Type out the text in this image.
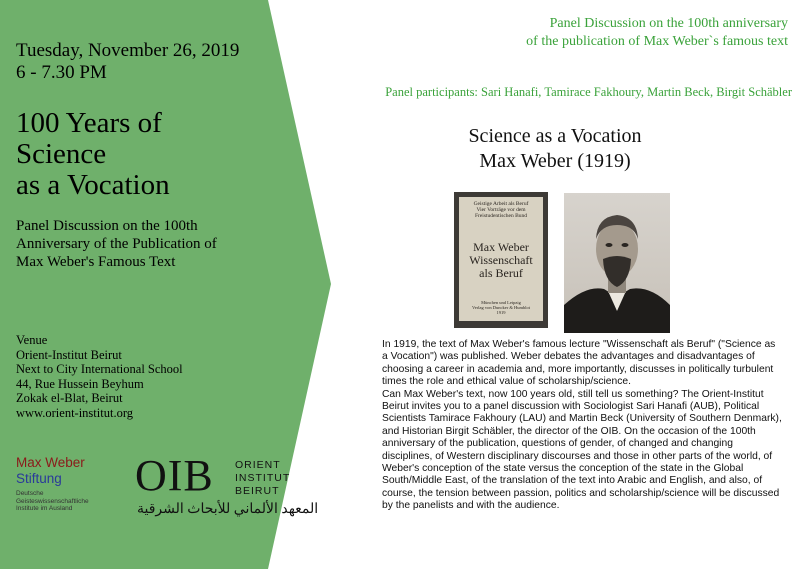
Tuesday, November 26, 2019
6 - 7.30 PM
100 Years of
Science
as a Vocation
Panel Discussion on the 100th
Anniversary of the Publication of
Max Weber's Famous Text
Venue
Orient-Institut Beirut
Next to City International School
44, Rue Hussein Beyhum
Zokak el-Blat, Beirut
www.orient-institut.org
Max Weber
Stiftung
Deutsche
Geisteswissenschaftliche
Institute im Ausland
OIB ORIENT
INSTITUT
BEIRUT
المعهد الألماني للأبحاث الشرقية
Panel Discussion on the 100th anniversary
of the publication of Max Weber`s famous text
Panel participants: Sari Hanafi, Tamirace Fakhoury, Martin Beck, Birgit Schäbler
Science as a Vocation
Max Weber (1919)
Geistige Arbeit als Beruf
Vier Vorträge vor dem
Freistudentischen Bund
Max Weber
Wissenschaft
als Beruf
München und Leipzig
Verlag von Duncker & Humblot
1919

In 1919, the text of Max Weber's famous lecture "Wissenschaft als Beruf" ("Science as a Vocation") was published. Weber debates the advantages and disadvantages of choosing a career in academia and, more importantly, discusses in politically turbulent times the role and ethical value of scholarship/science.

Can Max Weber's text, now 100 years old, still tell us something? The Orient-Institut Beirut invites you to a panel discussion with Sociologist Sari Hanafi (AUB), Political Scientists Tamirace Fakhoury (LAU) and Martin Beck (University of Southern Denmark), and Historian Birgit Schäbler, the director of the OIB. On the occasion of the 100th anniversary of the publication, questions of gender, of changed and changing disciplines, of Western disciplinary discourses and those in other parts of the world, of Weber's conception of the state versus the conception of the state in the Global South/Middle East, of the translation of the text into Arabic and English, and also, of course, the tension between passion, politics and scholarship/science will be discussed by the panelists and with the audience.
